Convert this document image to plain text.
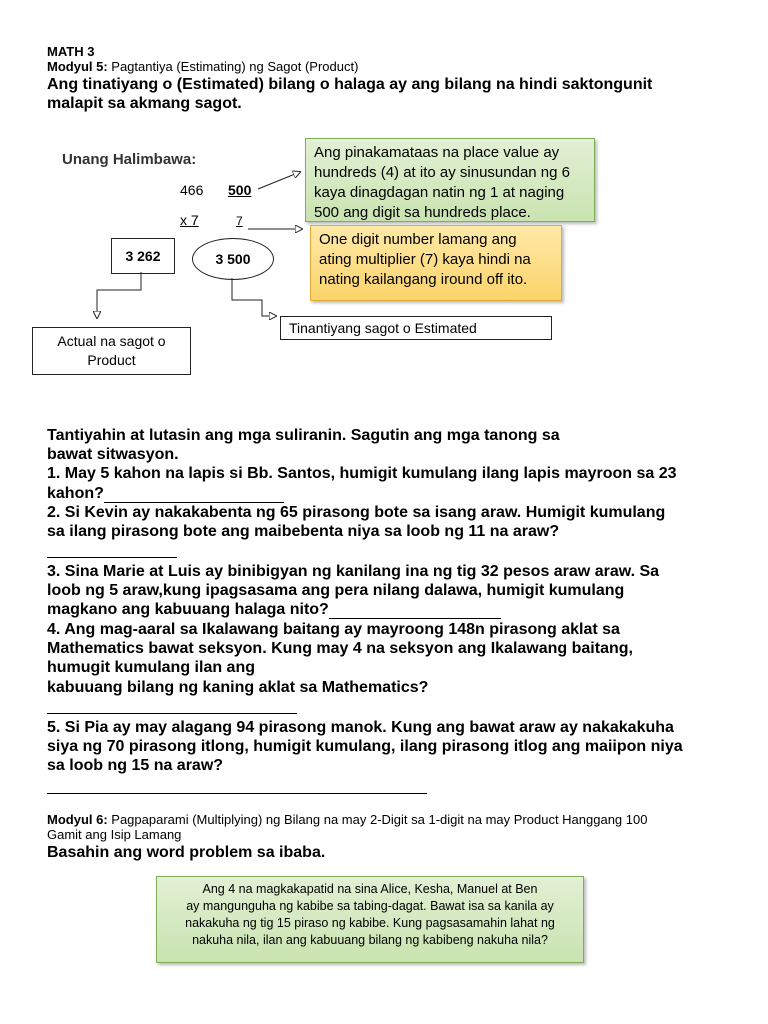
MATH 3
Modyul 5: Pagtantiya (Estimating) ng Sagot (Product)
Ang tinatiyang o (Estimated) bilang o halaga ay ang bilang na hindi saktongunit
malapit sa akmang sagot.
Unang Halimbawa:
466 500
x 7	7
3 262	3 500
Actual na sagot o
Product
Tinantiyang sagot o Estimated
Ang pinakamataas na place value ay
hundreds (4) at ito ay sinusundan ng 6
kaya dinagdagan natin ng 1 at naging
500 ang digit sa hundreds place.
One digit number lamang ang
ating multiplier (7) kaya hindi na
nating kailangang iround off ito.
Tantiyahin at lutasin ang mga suliranin. Sagutin ang mga tanong sa
bawat sitwasyon.
1. May 5 kahon na lapis si Bb. Santos, humigit kumulang ilang lapis mayroon sa 23
kahon?
2. Si Kevin ay nakakabenta ng 65 pirasong bote sa isang araw. Humigit kumulang
sa ilang pirasong bote ang maibebenta niya sa loob ng 11 na araw?
3. Sina Marie at Luis ay binibigyan ng kanilang ina ng tig 32 pesos araw araw. Sa
loob ng 5 araw,kung ipagsasama ang pera nilang dalawa, humigit kumulang
magkano ang kabuuang halaga nito?
4. Ang mag-aaral sa Ikalawang baitang ay mayroong 148n pirasong aklat sa
Mathematics bawat seksyon. Kung may 4 na seksyon ang Ikalawang baitang,
humugit kumulang ilan ang
kabuuang bilang ng kaning aklat sa Mathematics?
5. Si Pia ay may alagang 94 pirasong manok. Kung ang bawat araw ay nakakakuha
siya ng 70 pirasong itlong, humigit kumulang, ilang pirasong itlog ang maiipon niya
sa loob ng 15 na araw?
Modyul 6: Pagpaparami (Multiplying) ng Bilang na may 2-Digit sa 1-digit na may Product Hanggang 100
Gamit ang Isip Lamang
Basahin ang word problem sa ibaba.
Ang 4 na magkakapatid na sina Alice, Kesha, Manuel at Ben
ay mangunguha ng kabibe sa tabing-dagat. Bawat isa sa kanila ay
nakakuha ng tig 15 piraso ng kabibe. Kung pagsasamahin lahat ng
nakuha nila, ilan ang kabuuang bilang ng kabibeng nakuha nila?
